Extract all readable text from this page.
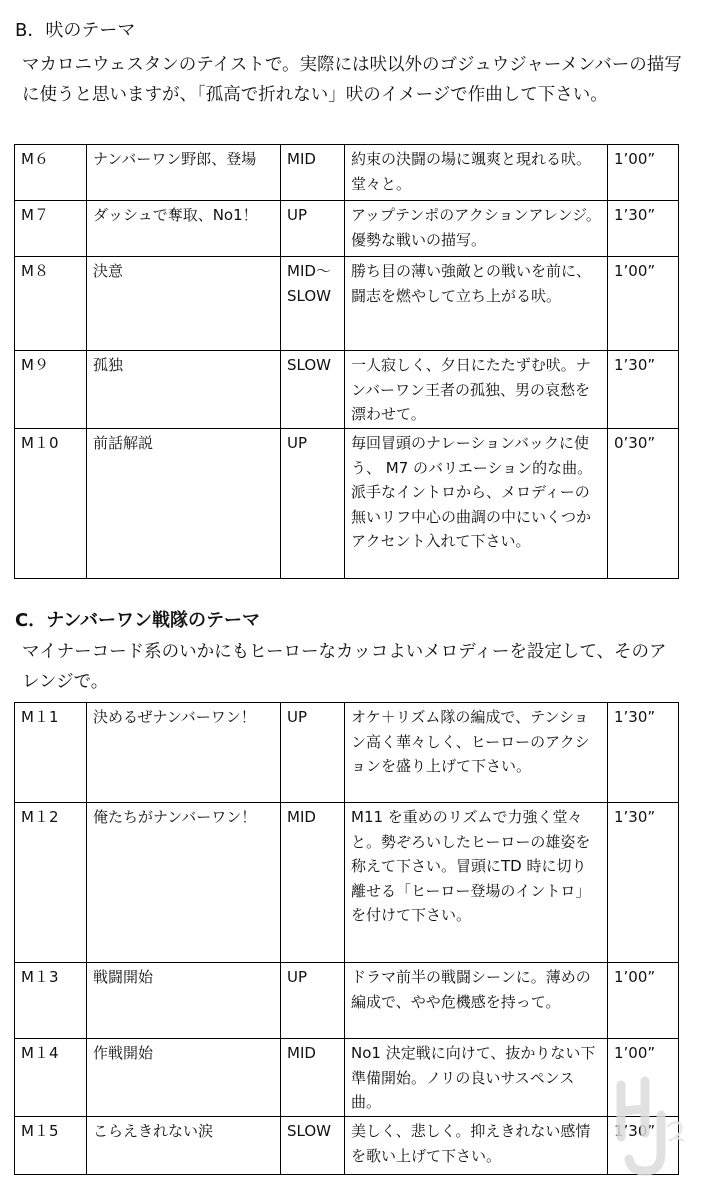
B．吠のテーマ
マカロニウェスタンのテイストで。実際には吠以外のゴジュウジャーメンバーの描写に使うと思いますが、「孤高で折れない」吠のイメージで作曲して下さい。
M６	ナンバーワン野郎、登場	MID	約束の決闘の場に颯爽と現れる吠。堂々と。	1’00”
M７	ダッシュで奪取、No1！	UP	アップテンポのアクションアレンジ。優勢な戦いの描写。	1’30”
M８	決意	MID〜SLOW	勝ち目の薄い強敵との戦いを前に、闘志を燃やして立ち上がる吠。	1’00”
M９	孤独	SLOW	一人寂しく、夕日にたたずむ吠。ナンバーワン王者の孤独、男の哀愁を漂わせて。	1’30”
M１0	前話解説	UP	毎回冒頭のナレーションバックに使う、 M7 のバリエーション的な曲。派手なイントロから、メロディーの無いリフ中心の曲調の中にいくつかアクセント入れて下さい。	0’30”
C．ナンバーワン戦隊のテーマ
マイナーコード系のいかにもヒーローなカッコよいメロディーを設定して、そのアレンジで。
M１1	決めるぜナンバーワン！	UP	オケ＋リズム隊の編成で、テンション高く華々しく、ヒーローのアクションを盛り上げて下さい。	1’30”
M１2	俺たちがナンバーワン！	MID	M11 を重めのリズムで力強く堂々と。勢ぞろいしたヒーローの雄姿を称えて下さい。冒頭にTD 時に切り離せる「ヒーロー登場のイントロ」を付けて下さい。	1’30”
M１3	戦闘開始	UP	ドラマ前半の戦闘シーンに。薄めの編成で、やや危機感を持って。	1’00”
M１4	作戦開始	MID	No1 決定戦に向けて、抜かりない下準備開始。ノリの良いサスペンス曲。	1’00”
M１5	こらえきれない涙	SLOW	美しく、悲しく。抑えきれない感情を歌い上げて下さい。	1’30”
